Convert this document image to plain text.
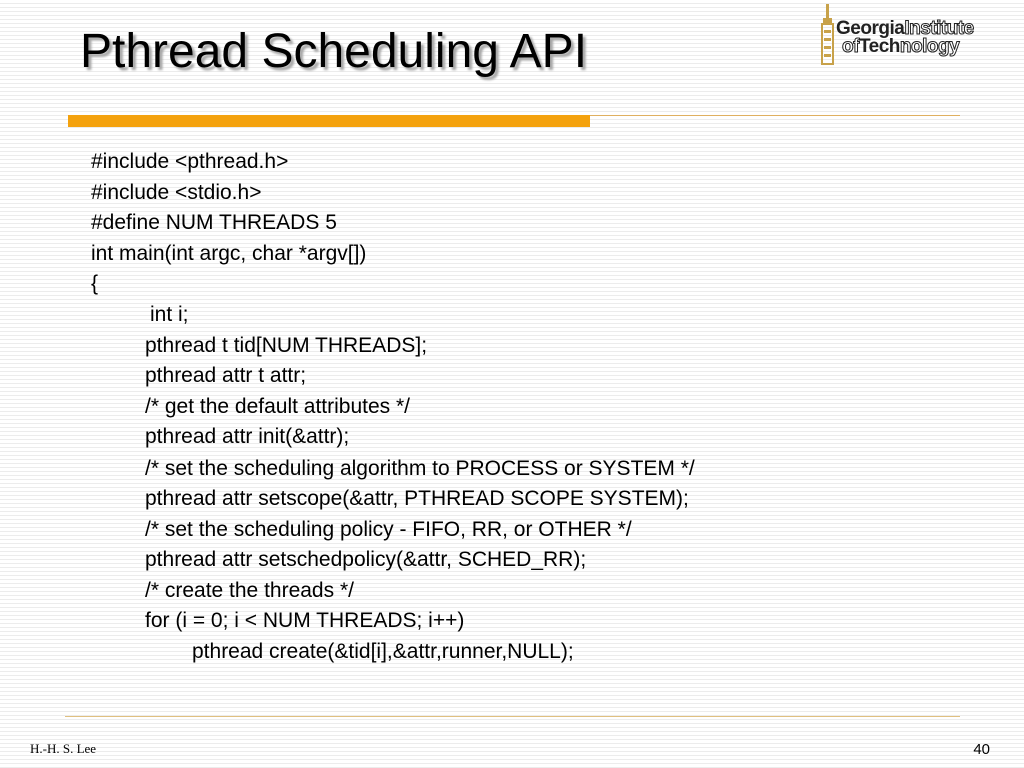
Pthread Scheduling API	GeorgiaInstitute
ofTechnology
#include <pthread.h>
#include <stdio.h>
#define NUM THREADS 5
int main(int argc, char *argv[])
{
int i;
pthread t tid[NUM THREADS];
pthread attr t attr;
/* get the default attributes */
pthread attr init(&attr);
/* set the scheduling algorithm to PROCESS or SYSTEM */
pthread attr setscope(&attr, PTHREAD SCOPE SYSTEM);
/* set the scheduling policy - FIFO, RR, or OTHER */
pthread attr setschedpolicy(&attr, SCHED_RR);
/* create the threads */
for (i = 0; i < NUM THREADS; i++)
pthread create(&tid[i],&attr,runner,NULL);
H.-H. S. Lee	40
